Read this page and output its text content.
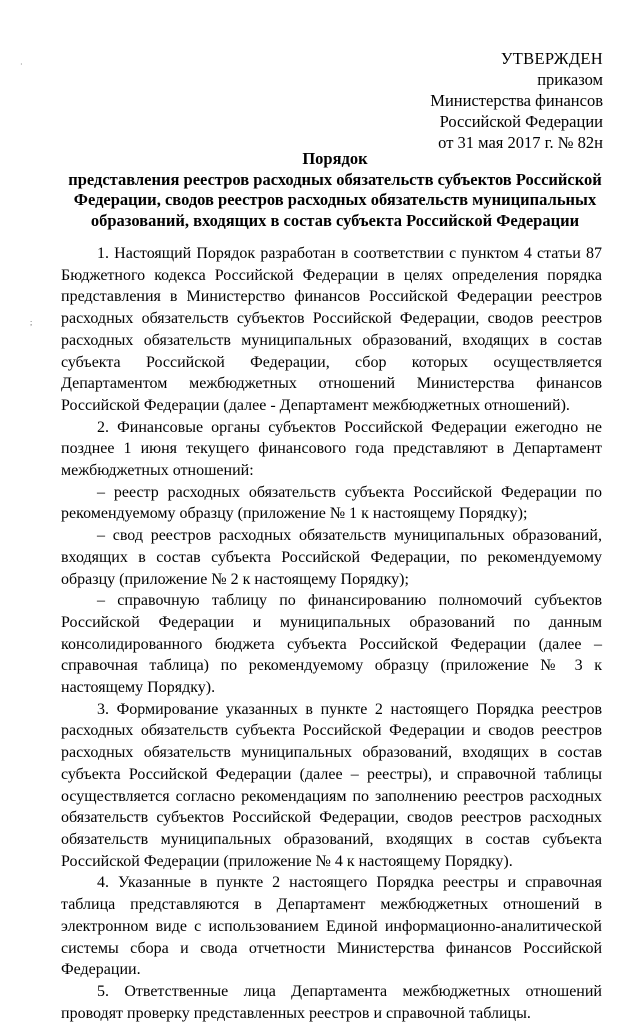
·
;
УТВЕРЖДЕН
приказом
Министерства финансов
Российской Федерации
от 31 мая 2017 г. № 82н
Порядок
представления реестров расходных обязательств субъектов Российской
Федерации, сводов реестров расходных обязательств муниципальных
образований, входящих в состав субъекта Российской Федерации

1. Настоящий Порядок разработан в соответствии с пунктом 4 статьи 87 Бюджетного кодекса Российской Федерации в целях определения порядка представления в Министерство финансов Российской Федерации реестров расходных обязательств субъектов Российской Федерации, сводов реестров расходных обязательств муниципальных образований, входящих в состав субъекта Российской Федерации, сбор которых осуществляется Департаментом межбюджетных отношений Министерства финансов Российской Федерации (далее - Департамент межбюджетных отношений).

2. Финансовые органы субъектов Российской Федерации ежегодно не позднее 1 июня текущего финансового года представляют в Департамент межбюджетных отношений:

– реестр расходных обязательств субъекта Российской Федерации по рекомендуемому образцу (приложение № 1 к настоящему Порядку);

– свод реестров расходных обязательств муниципальных образований, входящих в состав субъекта Российской Федерации, по рекомендуемому образцу (приложение № 2 к настоящему Порядку);

– справочную таблицу по финансированию полномочий субъектов Российской Федерации и муниципальных образований по данным консолидированного бюджета субъекта Российской Федерации (далее – справочная таблица) по рекомендуемому образцу (приложение № 3 к настоящему Порядку).

3. Формирование указанных в пункте 2 настоящего Порядка реестров расходных обязательств субъекта Российской Федерации и сводов реестров расходных обязательств муниципальных образований, входящих в состав субъекта Российской Федерации (далее – реестры), и справочной таблицы осуществляется согласно рекомендациям по заполнению реестров расходных обязательств субъектов Российской Федерации, сводов реестров расходных обязательств муниципальных образований, входящих в состав субъекта Российской Федерации (приложение № 4 к настоящему Порядку).

4. Указанные в пункте 2 настоящего Порядка реестры и справочная таблица представляются в Департамент межбюджетных отношений в электронном виде с использованием Единой информационно-аналитической системы сбора и свода отчетности Министерства финансов Российской Федерации.

5. Ответственные лица Департамента межбюджетных отношений проводят проверку представленных реестров и справочной таблицы.
